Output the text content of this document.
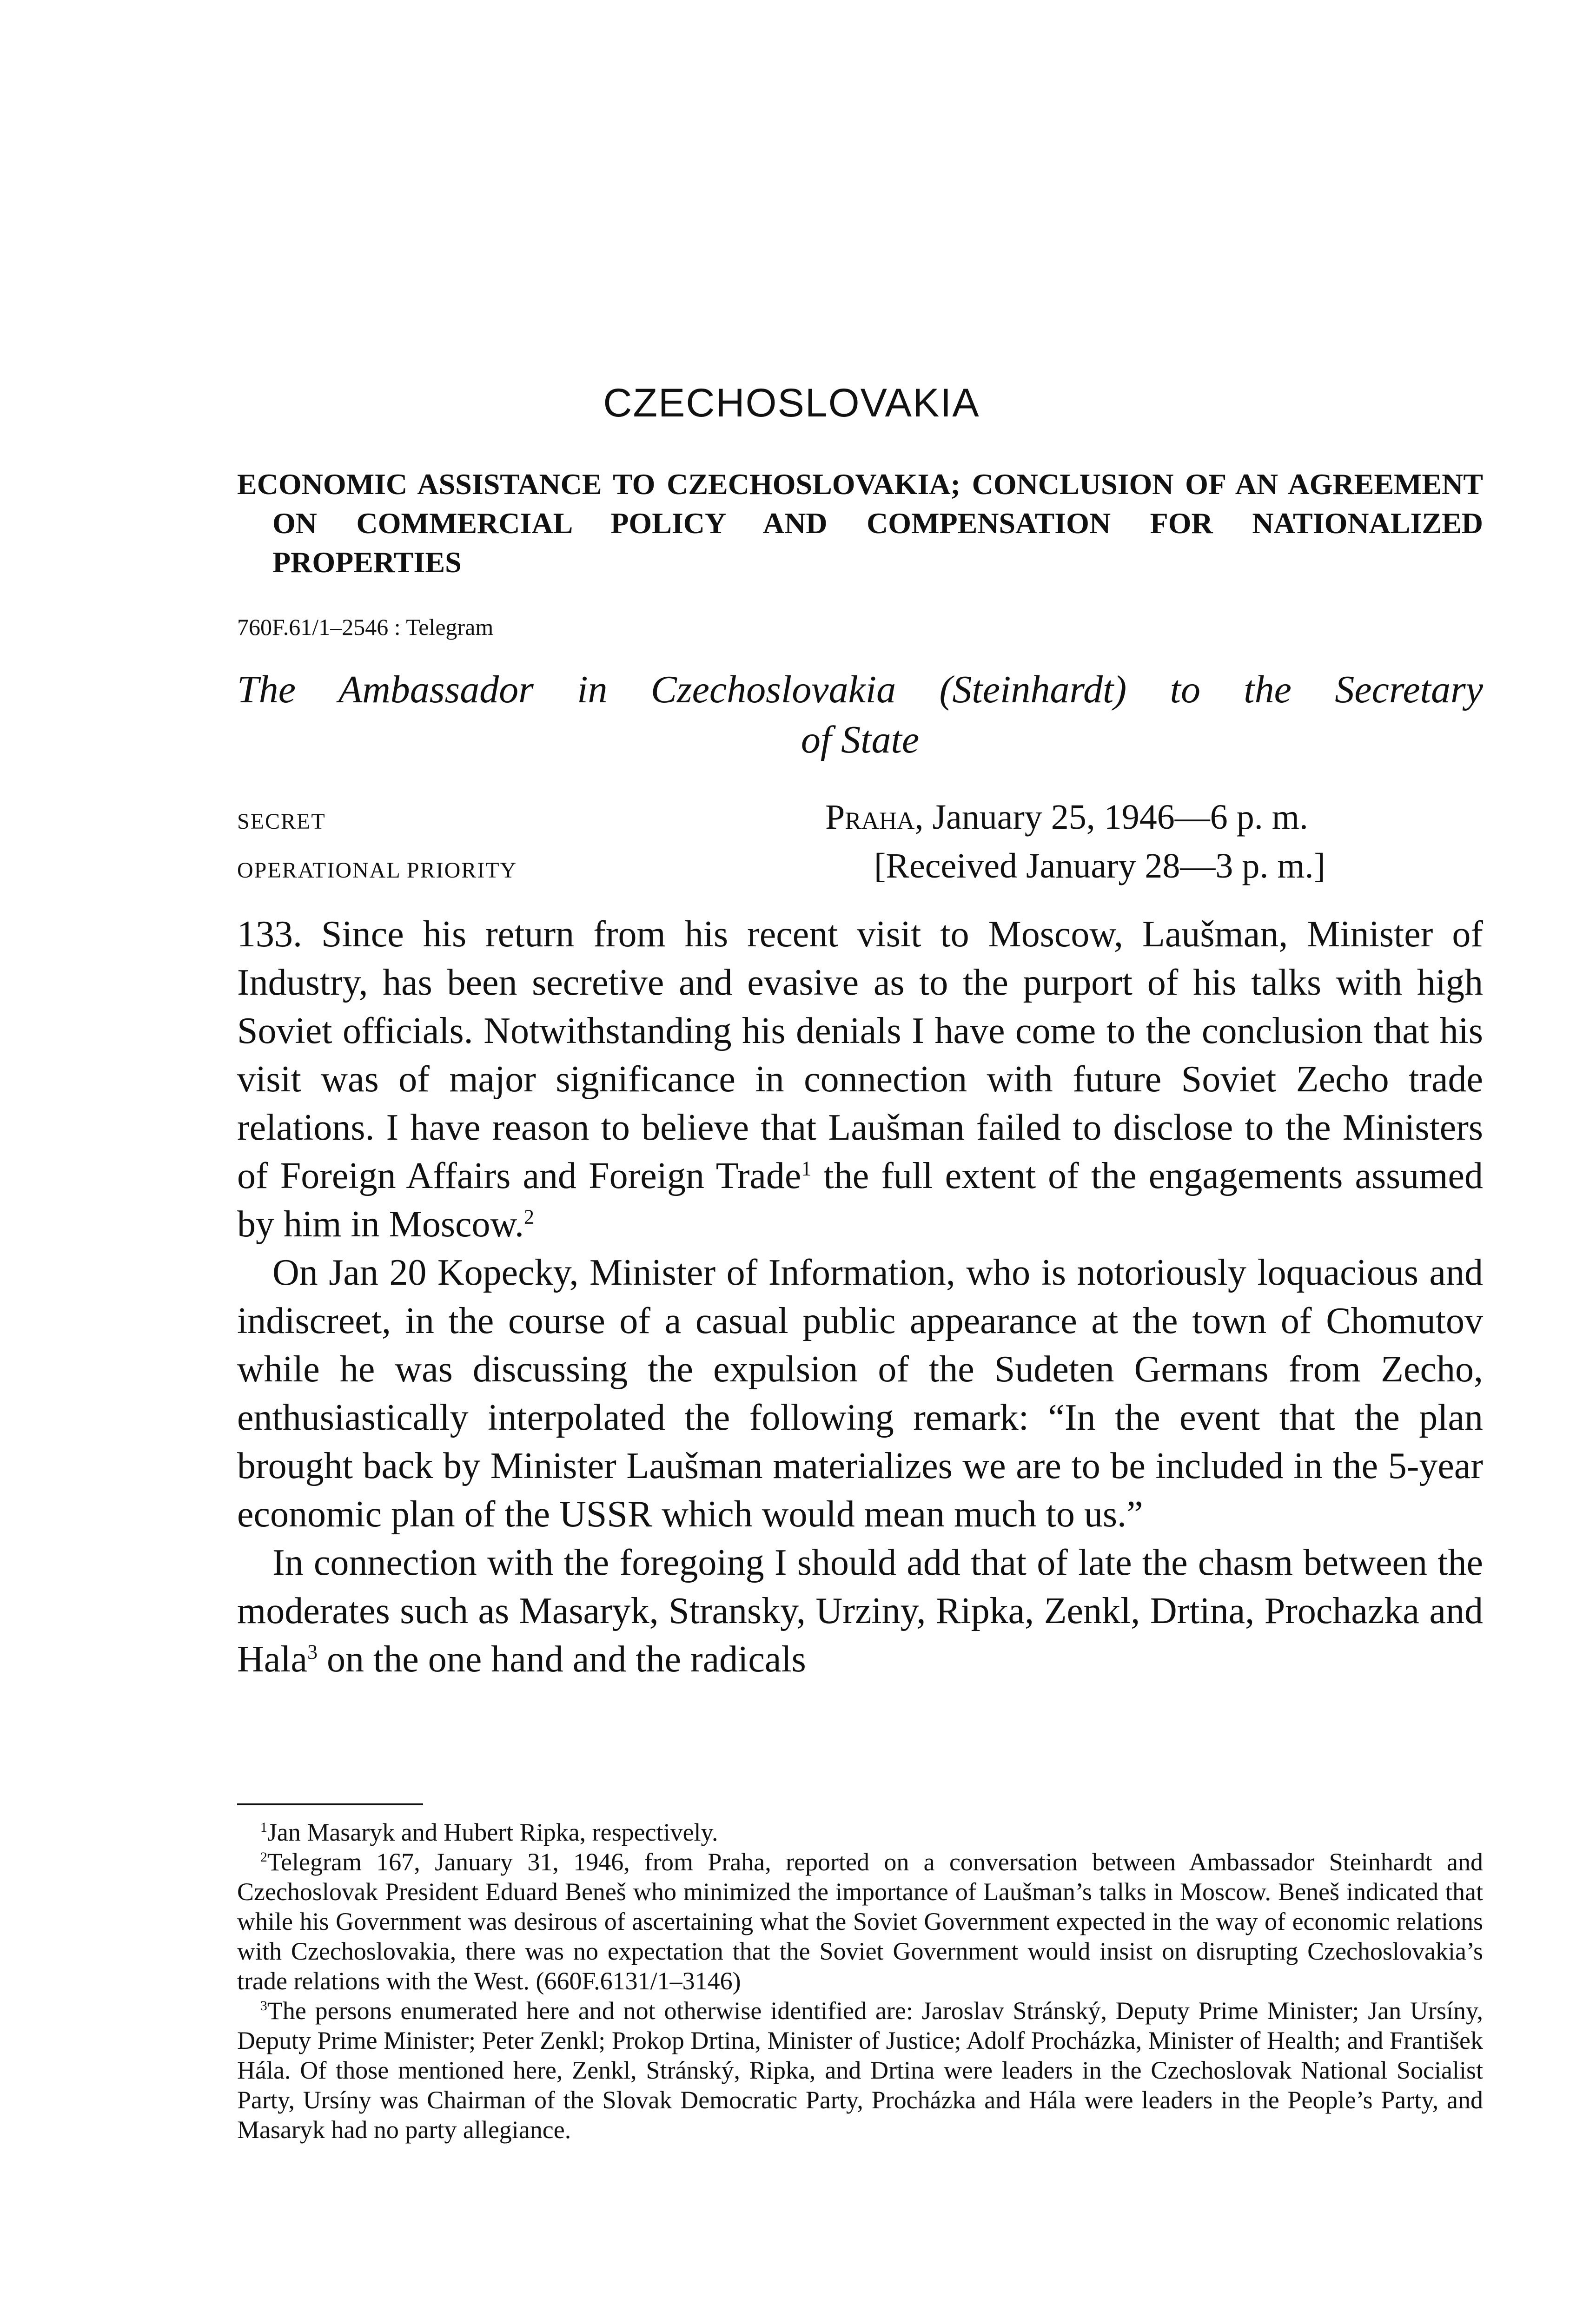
CZECHOSLOVAKIA
ECONOMIC ASSISTANCE TO CZECHOSLOVAKIA; CONCLUSION OF AN AGREEMENT ON COMMERCIAL POLICY AND COMPENSATION FOR NATIONALIZED PROPERTIES
760F.61/1–2546 : Telegram
The Ambassador in Czechoslovakia (Steinhardt) to the Secretary
of State
SECRET
OPERATIONAL PRIORITY
Praha, January 25, 1946—6 p. m.
[Received January 28—3 p. m.]

133. Since his return from his recent visit to Moscow, Laušman, Minister of Industry, has been secretive and evasive as to the purport of his talks with high Soviet officials. Notwithstanding his denials I have come to the conclusion that his visit was of major significance in connection with future Soviet Zecho trade relations. I have reason to believe that Laušman failed to disclose to the Ministers of Foreign Affairs and Foreign Trade$^1$ the full extent of the engagements assumed by him in Moscow.$^2$

On Jan 20 Kopecky, Minister of Information, who is notoriously loquacious and indiscreet, in the course of a casual public appearance at the town of Chomutov while he was discussing the expulsion of the Sudeten Germans from Zecho, enthusiastically interpolated the following remark: “In the event that the plan brought back by Minister Laušman materializes we are to be included in the 5-year economic plan of the USSR which would mean much to us.”

In connection with the foregoing I should add that of late the chasm between the moderates such as Masaryk, Stransky, Urziny, Ripka, Zenkl, Drtina, Prochazka and Hala$^3$ on the one hand and the radicals

$^1$Jan Masaryk and Hubert Ripka, respectively.

$^2$Telegram 167, January 31, 1946, from Praha, reported on a conversation between Ambassador Steinhardt and Czechoslovak President Eduard Beneš who minimized the importance of Laušman’s talks in Moscow. Beneš indicated that while his Government was desirous of ascertaining what the Soviet Government expected in the way of economic relations with Czechoslovakia, there was no expectation that the Soviet Government would insist on disrupting Czechoslovakia’s trade relations with the West. (660F.6131/1–3146)

$^3$The persons enumerated here and not otherwise identified are: Jaroslav Stránský, Deputy Prime Minister; Jan Ursíny, Deputy Prime Minister; Peter Zenkl; Prokop Drtina, Minister of Justice; Adolf Procházka, Minister of Health; and František Hála. Of those mentioned here, Zenkl, Stránský, Ripka, and Drtina were leaders in the Czechoslovak National Socialist Party, Ursíny was Chairman of the Slovak Democratic Party, Procházka and Hála were leaders in the People’s Party, and Masaryk had no party allegiance.
